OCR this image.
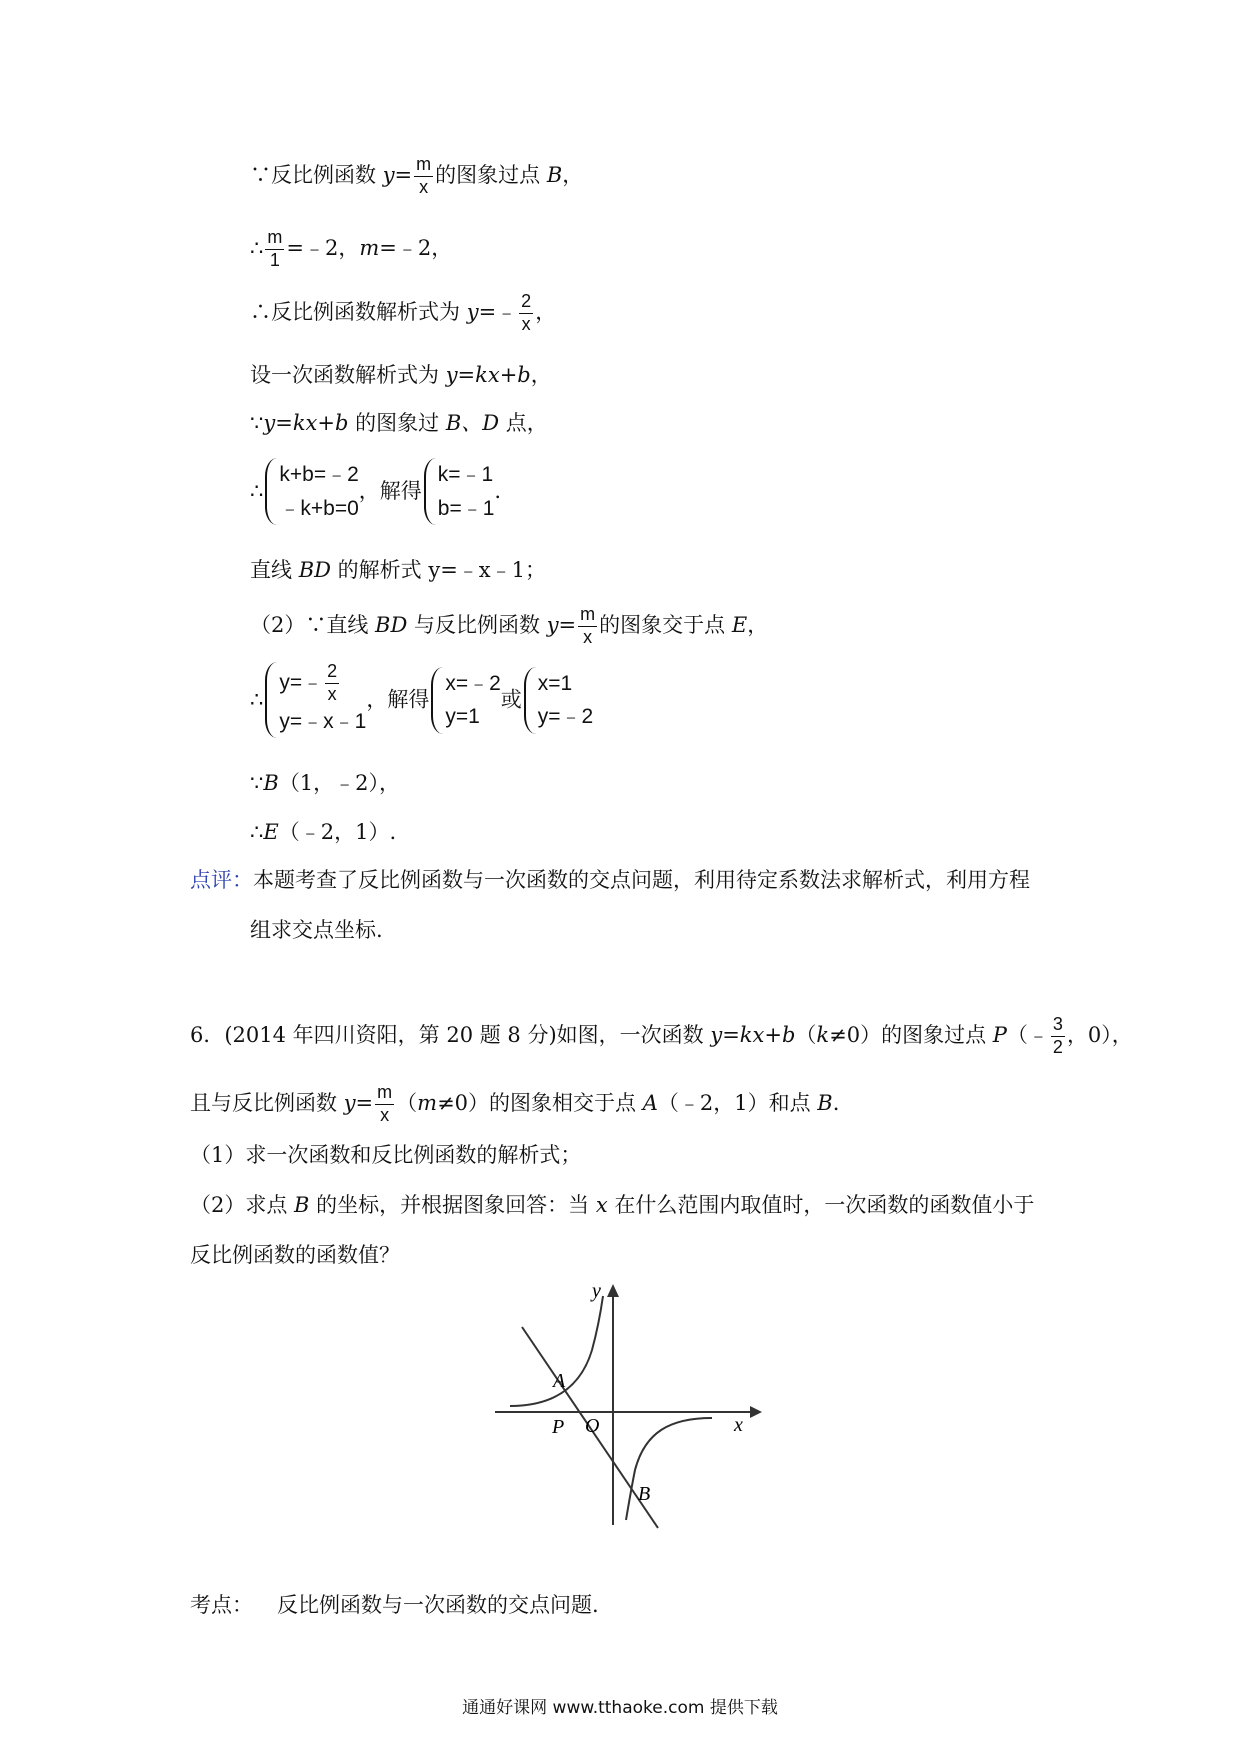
∵反比例函数 $y= \frac{m}{x}$ 的图象过点 B，
∴ $\frac{m}{1}$ =﹣2，m=﹣2，
∴反比例函数解析式为 y=﹣ $\frac{2}{x}$ ，
设一次函数解析式为 y=kx+b，
∵y=kx+b 的图象过 B、D 点，
∴
k+b=﹣2
﹣k+b=0
，解得
k=﹣1
b=﹣1
.
直线 BD 的解析式 y=﹣x﹣1；
（2）∵直线 BD 与反比例函数 $y= \frac{m}{x}$ 的图象交于点 E，
∴
y=﹣ $\frac{2}{x}$
y=﹣x﹣1
，解得
x=﹣2
y=1
或
x=1
y=﹣2
∵B（1，﹣2），
∴E（﹣2，1）.
点评：本题考查了反比例函数与一次函数的交点问题，利用待定系数法求解析式，利用方程
组求交点坐标.
6．(2014 年四川资阳，第 20 题 8 分)如图，一次函数 y=kx+b（k≠0）的图象过点 P（﹣ $\frac{3}{2}$ ，0），
且与反比例函数 $y= \frac{m}{x} (m\ne 0)$的图象相交于点 A（﹣2，1）和点 B.
（1）求一次函数和反比例函数的解析式；
（2）求点 B 的坐标，并根据图象回答：当 x 在什么范围内取值时，一次函数的函数值小于
反比例函数的函数值？
y
x
O
P
A
B
考点： 反比例函数与一次函数的交点问题.
通通好课网 www.tthaoke.com 提供下载
